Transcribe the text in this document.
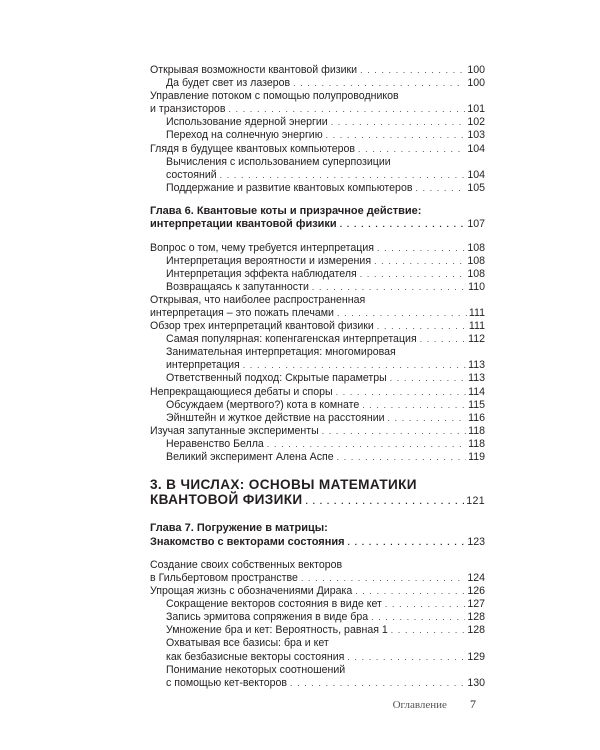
Открывая возможности квантовой физики . . .	100
Да будет свет из лазеров . . .	100
Управление потоком с помощью полупроводников
и транзисторов . . .	101
Использование ядерной энергии . . .	102
Переход на солнечную энергию . . .	103
Глядя в будущее квантовых компьютеров . . .	104
Вычисления с использованием суперпозиции
состояний . . .	104
Поддержание и развитие квантовых компьютеров . . .	105
Глава 6. Квантовые коты и призрачное действие:
интерпретации квантовой физики . . .	107
Вопрос о том, чему требуется интерпретация . . .	108
Интерпретация вероятности и измерения . . .	108
Интерпретация эффекта наблюдателя . . .	108
Возвращаясь к запутанности . . .	110
Открывая, что наиболее распространенная
интерпретация – это пожать плечами . . .	111
Обзор трех интерпретаций квантовой физики . . .	111
Самая популярная: копенгагенская интерпретация . . .	112
Занимательная интерпретация: многомировая
интерпретация . . .	113
Ответственный подход: Скрытые параметры . . .	113
Непрекращающиеся дебаты и споры . . .	114
Обсуждаем (мертвого?) кота в комнате . . .	115
Эйнштейн и жуткое действие на расстоянии . . .	116
Изучая запутанные эксперименты . . .	118
Неравенство Белла . . .	118
Великий эксперимент Алена Аспе . . .	119
3. В ЧИСЛАХ: ОСНОВЫ МАТЕМАТИКИ
КВАНТОВОЙ ФИЗИКИ . . .	121
Глава 7. Погружение в матрицы:
Знакомство с векторами состояния . . .	123
Создание своих собственных векторов
в Гильбертовом пространстве . . .	124
Упрощая жизнь с обозначениями Дирака . . .	126
Сокращение векторов состояния в виде кет . . .	127
Запись эрмитова сопряжения в виде бра . . .	128
Умножение бра и кет: Вероятность, равная 1 . . .	128
Охватывая все базисы: бра и кет
как безбазисные векторы состояния . . .	129
Понимание некоторых соотношений
с помощью кет-векторов . . .	130
Оглавление 7
